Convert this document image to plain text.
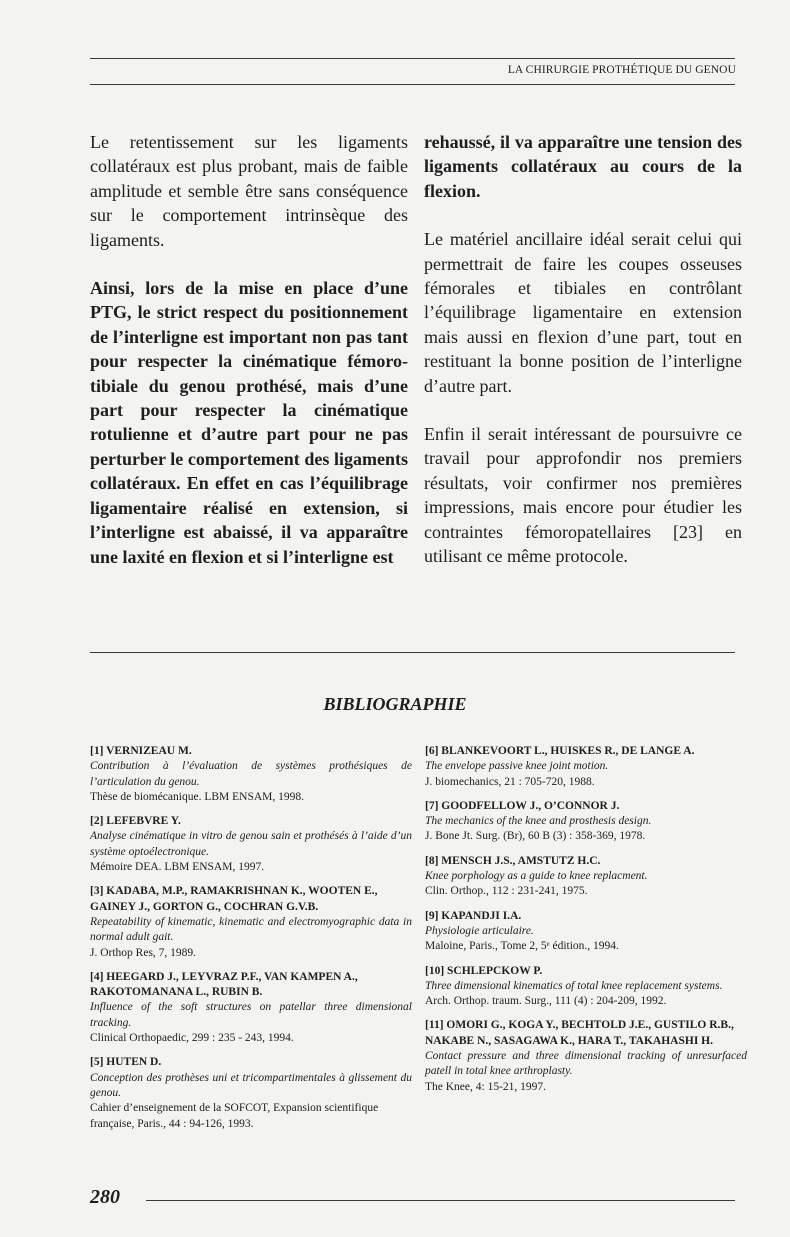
LA CHIRURGIE PROTHÉTIQUE DU GENOU

Le retentissement sur les ligaments collatéraux est plus probant, mais de faible amplitude et semble être sans conséquence sur le comportement intrinsèque des ligaments.

Ainsi, lors de la mise en place d’une PTG, le strict respect du positionnement de l’interligne est important non pas tant pour respecter la cinématique fémoro-tibiale du genou prothésé, mais d’une part pour respecter la cinématique rotulienne et d’autre part pour ne pas perturber le comportement des ligaments collatéraux. En effet en cas l’équilibrage ligamentaire réalisé en extension, si l’interligne est abaissé, il va apparaître une laxité en flexion et si l’interligne est

rehaussé, il va apparaître une tension des ligaments collatéraux au cours de la flexion.

Le matériel ancillaire idéal serait celui qui permettrait de faire les coupes osseuses fémorales et tibiales en contrôlant l’équilibrage ligamentaire en extension mais aussi en flexion d’une part, tout en restituant la bonne position de l’interligne d’autre part.

Enfin il serait intéressant de poursuivre ce travail pour approfondir nos premiers résultats, voir confirmer nos premières impressions, mais encore pour étudier les contraintes fémoropatellaires [23] en utilisant ce même protocole.

BIBLIOGRAPHIE
[1] VERNIZEAU M.
Contribution à l’évaluation de systèmes prothésiques de l’articulation du genou.
Thèse de biomécanique. LBM ENSAM, 1998.
[2] LEFEBVRE Y.
Analyse cinématique in vitro de genou sain et prothésés à l’aide d’un système optoélectronique.
Mémoire DEA. LBM ENSAM, 1997.
[3] KADABA, M.P., RAMAKRISHNAN K., WOOTEN E., GAINEY J., GORTON G., COCHRAN G.V.B.
Repeatability of kinematic, kinematic and electromyographic data in normal adult gait.
J. Orthop Res, 7, 1989.
[4] HEEGARD J., LEYVRAZ P.F., VAN KAMPEN A., RAKOTOMANANA L., RUBIN B.
Influence of the soft structures on patellar three dimensional tracking.
Clinical Orthopaedic, 299 : 235 - 243, 1994.
[5] HUTEN D.
Conception des prothèses uni et tricompartimentales à glissement du genou.
Cahier d’enseignement de la SOFCOT, Expansion scientifique française, Paris., 44 : 94-126, 1993.
[6] BLANKEVOORT L., HUISKES R., DE LANGE A.
The envelope passive knee joint motion.
J. biomechanics, 21 : 705-720, 1988.
[7] GOODFELLOW J., O’CONNOR J.
The mechanics of the knee and prosthesis design.
J. Bone Jt. Surg. (Br), 60 B (3) : 358-369, 1978.
[8] MENSCH J.S., AMSTUTZ H.C.
Knee porphology as a guide to knee replacment.
Clin. Orthop., 112 : 231-241, 1975.
[9] KAPANDJI I.A.
Physiologie articulaire.
Maloine, Paris., Tome 2, 5ᵉ édition., 1994.
[10] SCHLEPCKOW P.
Three dimensional kinematics of total knee replacement systems.
Arch. Orthop. traum. Surg., 111 (4) : 204-209, 1992.
[11] OMORI G., KOGA Y., BECHTOLD J.E., GUSTILO R.B., NAKABE N., SASAGAWA K., HARA T., TAKAHASHI H.
Contact pressure and three dimensional tracking of unresurfaced patell in total knee arthroplasty.
The Knee, 4: 15-21, 1997.
280
